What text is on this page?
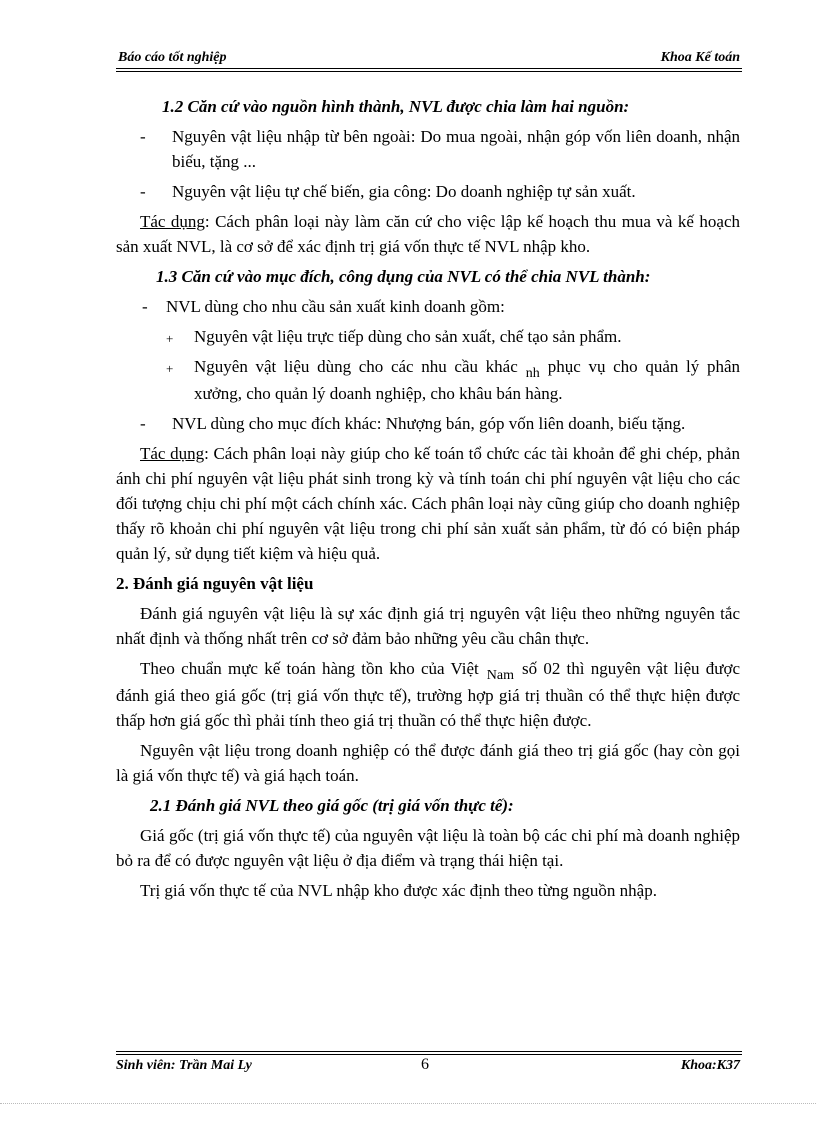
Báo cáo tốt nghiệp	Khoa Kế toán

1.2 Căn cứ vào nguồn hình thành, NVL được chia làm hai nguồn:

- Nguyên vật liệu nhập từ bên ngoài: Do mua ngoài, nhận góp vốn liên doanh, nhận biếu, tặng ...

- Nguyên vật liệu tự chế biến, gia công: Do doanh nghiệp tự sản xuất.

Tác dụng: Cách phân loại này làm căn cứ cho việc lập kế hoạch thu mua và kế hoạch sản xuất NVL, là cơ sở để xác định trị giá vốn thực tế NVL nhập kho.

1.3 Căn cứ vào mục đích, công dụng của NVL có thể chia NVL thành:

- NVL dùng cho nhu cầu sản xuất kinh doanh gồm:

+ Nguyên vật liệu trực tiếp dùng cho sản xuất, chế tạo sản phẩm.

+ Nguyên vật liệu dùng cho các nhu cầu khác $_{nh}$ phục vụ cho quản lý phân xưởng, cho quản lý doanh nghiệp, cho khâu bán hàng.

- NVL dùng cho mục đích khác: Nhượng bán, góp vốn liên doanh, biếu tặng.

Tác dụng: Cách phân loại này giúp cho kế toán tổ chức các tài khoản để ghi chép, phản ánh chi phí nguyên vật liệu phát sinh trong kỳ và tính toán chi phí nguyên vật liệu cho các đối tượng chịu chi phí một cách chính xác. Cách phân loại này cũng giúp cho doanh nghiệp thấy rõ khoản chi phí nguyên vật liệu trong chi phí sản xuất sản phẩm, từ đó có biện pháp quản lý, sử dụng tiết kiệm và hiệu quả.

2. Đánh giá nguyên vật liệu

Đánh giá nguyên vật liệu là sự xác định giá trị nguyên vật liệu theo những nguyên tắc nhất định và thống nhất trên cơ sở đảm bảo những yêu cầu chân thực.

Theo chuẩn mực kế toán hàng tồn kho của Việt $_{Nam}$ số 02 thì nguyên vật liệu được đánh giá theo giá gốc (trị giá vốn thực tế), trường hợp giá trị thuần có thể thực hiện được thấp hơn giá gốc thì phải tính theo giá trị thuần có thể thực hiện được.

Nguyên vật liệu trong doanh nghiệp có thể được đánh giá theo trị giá gốc (hay còn gọi là giá vốn thực tế) và giá hạch toán.

2.1 Đánh giá NVL theo giá gốc (trị giá vốn thực tế):

Giá gốc (trị giá vốn thực tế) của nguyên vật liệu là toàn bộ các chi phí mà doanh nghiệp bỏ ra để có được nguyên vật liệu ở địa điểm và trạng thái hiện tại.

Trị giá vốn thực tế của NVL nhập kho được xác định theo từng nguồn nhập.

Sinh viên: Trần Mai Ly	6	Khoa:K37
